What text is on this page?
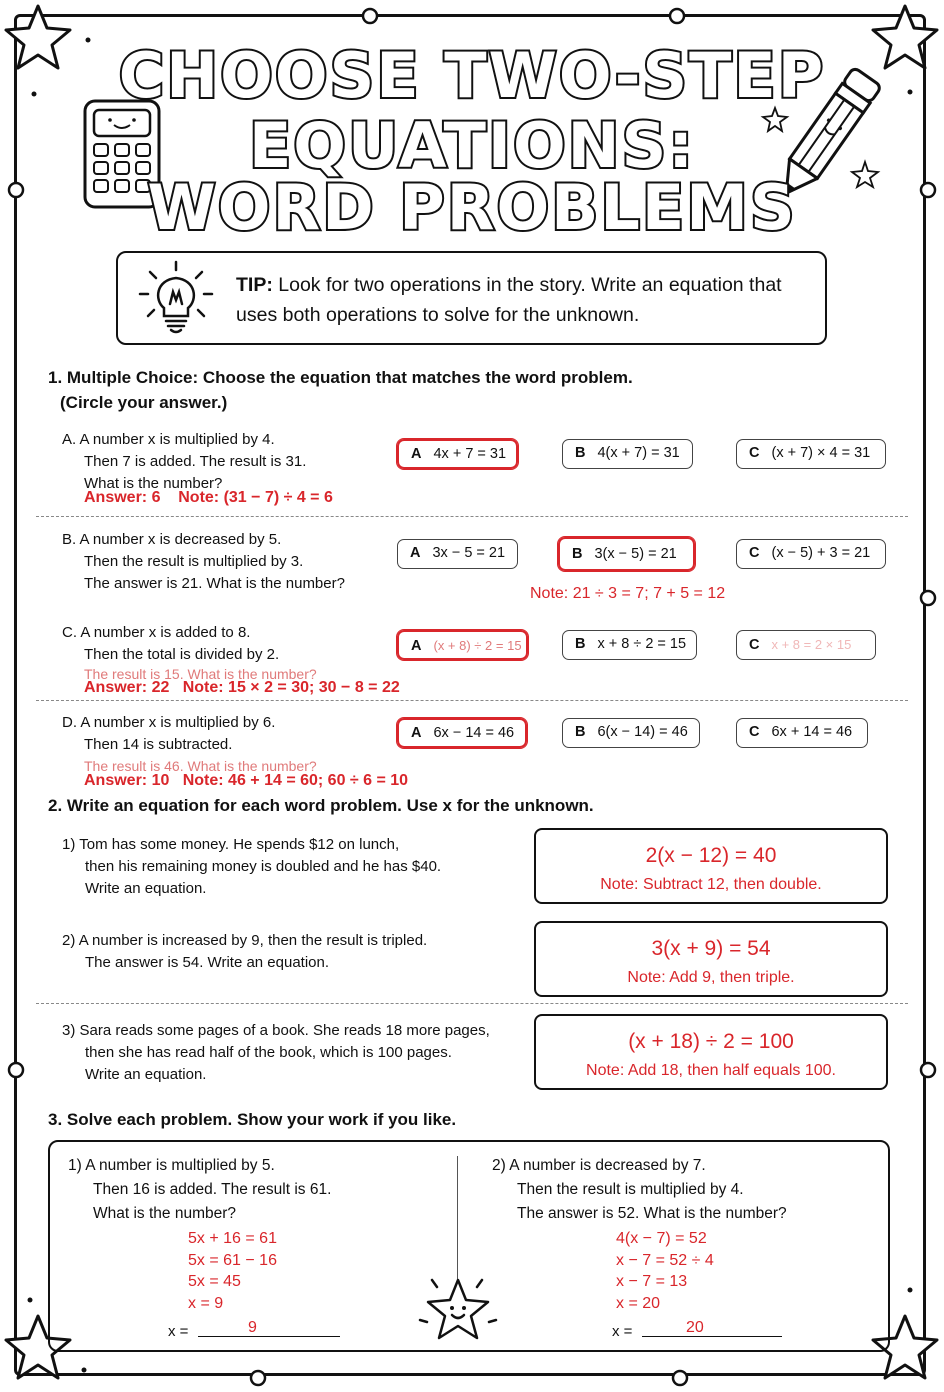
CHOOSE TWO-STEP
EQUATIONS:
WORD PROBLEMS
TIP: Look for two operations in the story. Write an equation that uses both operations to solve for the unknown.
1. Multiple Choice: Choose the equation that matches the word problem.
(Circle your answer.)
A. A number x is multiplied by 4.
Then 7 is added. The result is 31.
What is the number?
Answer: 6 Note: (31 − 7) ÷ 4 = 6
A 4x + 7 = 31	B 4(x + 7) = 31	C (x + 7) × 4 = 31
B. A number x is decreased by 5.
Then the result is multiplied by 3.
The answer is 21. What is the number?
A 3x − 5 = 21	B 3(x − 5) = 21	C (x − 5) + 3 = 21
Note: 21 ÷ 3 = 7; 7 + 5 = 12
C. A number x is added to 8.
Then the total is divided by 2.
The result is 15. What is the number?
Answer: 22 Note: 15 × 2 = 30; 30 − 8 = 22
A (x + 8) ÷ 2 = 15	B x + 8 ÷ 2 = 15	C x + 8 = 2 × 15
D. A number x is multiplied by 6.
Then 14 is subtracted.
The result is 46. What is the number?
Answer: 10 Note: 46 + 14 = 60; 60 ÷ 6 = 10
A 6x − 14 = 46	B 6(x − 14) = 46	C 6x + 14 = 46
2. Write an equation for each word problem. Use x for the unknown.
1) Tom has some money. He spends $12 on lunch,
then his remaining money is doubled and he has $40.
Write an equation.
2(x − 12) = 40
Note: Subtract 12, then double.
2) A number is increased by 9, then the result is tripled.
The answer is 54. Write an equation.
3(x + 9) = 54
Note: Add 9, then triple.
3) Sara reads some pages of a book. She reads 18 more pages,
then she has read half of the book, which is 100 pages.
Write an equation.
(x + 18) ÷ 2 = 100
Note: Add 18, then half equals 100.
3. Solve each problem. Show your work if you like.
1) A number is multiplied by 5.
Then 16 is added. The result is 61.
What is the number?
5x + 16 = 61
5x = 61 − 16
5x = 45
x = 9
x =	9
2) A number is decreased by 7.
Then the result is multiplied by 4.
The answer is 52. What is the number?
4(x − 7) = 52
x − 7 = 52 ÷ 4
x − 7 = 13
x = 20
x =	20
